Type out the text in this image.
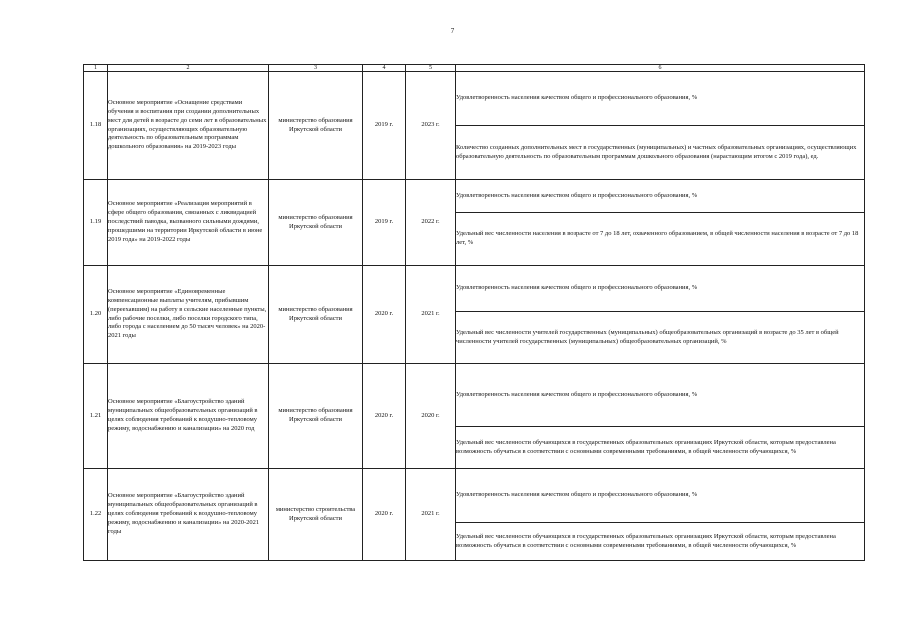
7
1	2	3	4	5	6
1.18	Основное мероприятие «Оснащение средствами обучения и воспитания при создании дополнительных мест для детей в возрасте до семи лет в образовательных организациях, осуществляющих образовательную деятельность по образовательным программам дошкольного образования» на 2019-2023 годы	министерство образования Иркутской области	2019 г.	2023 г.	Удовлетворенность населения качеством общего и профессионального образования, %
					Количество созданных дополнительных мест в государственных (муниципальных) и частных образовательных организациях, осуществляющих образовательную деятельность по образовательным программам дошкольного образования (нарастающим итогом с 2019 года), ед.
1.19	Основное мероприятие «Реализация мероприятий в сфере общего образования, связанных с ликвидацией последствий паводка, вызванного сильными дождями, прошедшими на территории Иркутской области в июне 2019 года» на 2019-2022 годы	министерство образования Иркутской области	2019 г.	2022 г.	Удовлетворенность населения качеством общего и профессионального образования, %
					Удельный вес численности населения в возрасте от 7 до 18 лет, охваченного образованием, в общей численности населения в возрасте от 7 до 18 лет, %
1.20	Основное мероприятие «Единовременные компенсационные выплаты учителям, прибывшим (переехавшим) на работу в сельские населенные пункты, либо рабочие поселки, либо поселки городского типа, либо города с населением до 50 тысяч человек» на 2020-2021 годы	министерство образования Иркутской области	2020 г.	2021 г.	Удовлетворенность населения качеством общего и профессионального образования, %
					Удельный вес численности учителей государственных (муниципальных) общеобразовательных организаций в возрасте до 35 лет в общей численности учителей государственных (муниципальных) общеобразовательных организаций, %
1.21	Основное мероприятие «Благоустройство зданий муниципальных общеобразовательных организаций в целях соблюдения требований к воздушно-тепловому режиму, водоснабжению и канализации» на 2020 год	министерство образования Иркутской области	2020 г.	2020 г.	Удовлетворенность населения качеством общего и профессионального образования, %
					Удельный вес численности обучающихся в государственных образовательных организациях Иркутской области, которым предоставлена возможность обучаться в соответствии с основными современными требованиями, в общей численности обучающихся, %
1.22	Основное мероприятие «Благоустройство зданий муниципальных общеобразовательных организаций в целях соблюдения требований к воздушно-тепловому режиму, водоснабжению и канализации» на 2020-2021 годы	министерство строительства Иркутской области	2020 г.	2021 г.	Удовлетворенность населения качеством общего и профессионального образования, %
					Удельный вес численности обучающихся в государственных образовательных организациях Иркутской области, которым предоставлена возможность обучаться в соответствии с основными современными требованиями, в общей численности обучающихся, %
